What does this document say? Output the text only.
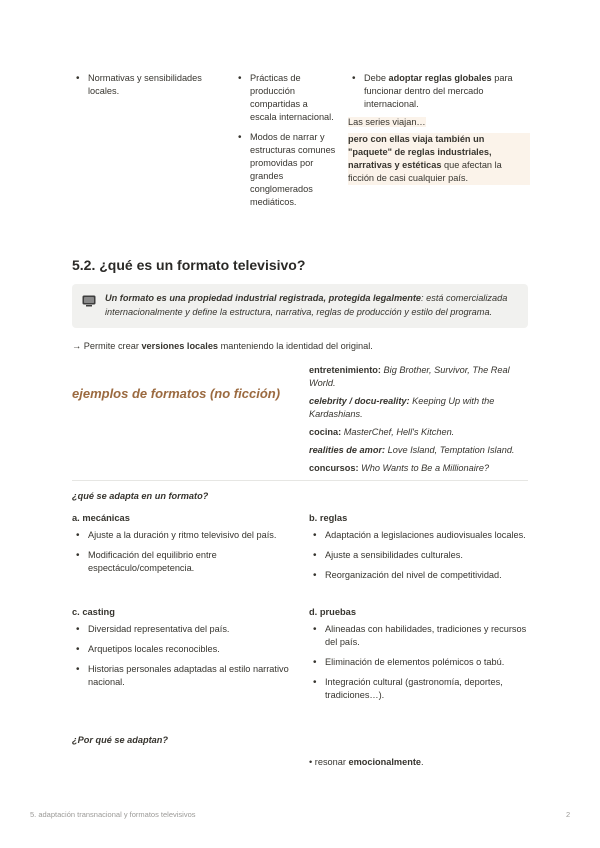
• Normativas y sensibilidades locales.
• Prácticas de producción compartidas a escala internacional.
• Modos de narrar y estructuras comunes promovidas por grandes conglomerados mediáticos.
• Debe adoptar reglas globales para funcionar dentro del mercado internacional.
Las series viajan…
pero con ellas viaja también un "paquete" de reglas industriales, narrativas y estéticas que afectan la ficción de casi cualquier país.
5.2. ¿qué es un formato televisivo?
Un formato es una propiedad industrial registrada, protegida legalmente: está comercializada internacionalmente y define la estructura, narrativa, reglas de producción y estilo del programa.
→ Permite crear versiones locales manteniendo la identidad del original.
ejemplos de formatos (no ficción)
entretenimiento: Big Brother, Survivor, The Real World.
celebrity / docu-reality: Keeping Up with the Kardashians.
cocina: MasterChef, Hell's Kitchen.
realities de amor: Love Island, Temptation Island.
concursos: Who Wants to Be a Millionaire?
¿qué se adapta en un formato?
a. mecánicas
• Ajuste a la duración y ritmo televisivo del país.
• Modificación del equilibrio entre espectáculo/competencia.
b. reglas
• Adaptación a legislaciones audiovisuales locales.
• Ajuste a sensibilidades culturales.
• Reorganización del nivel de competitividad.
c. casting
• Diversidad representativa del país.
• Arquetipos locales reconocibles.
• Historias personales adaptadas al estilo narrativo nacional.
d. pruebas
• Alineadas con habilidades, tradiciones y recursos del país.
• Eliminación de elementos polémicos o tabú.
• Integración cultural (gastronomía, deportes, tradiciones…).
¿Por qué se adaptan?
• resonar emocionalmente.
5. adaptación transnacional y formatos televisivos	2
